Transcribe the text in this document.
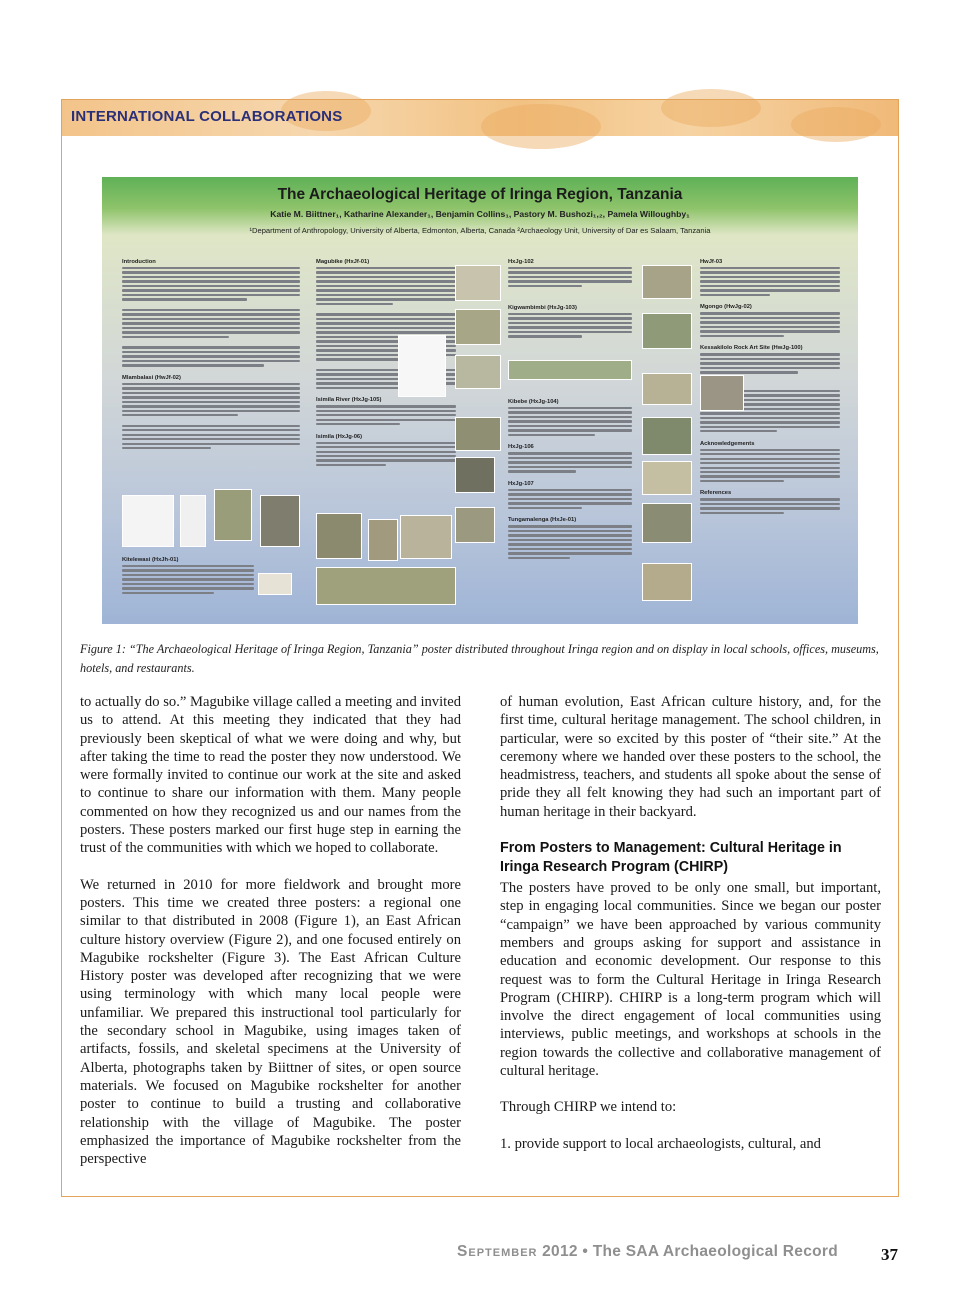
INTERNATIONAL COLLABORATIONS
The Archaeological Heritage of Iringa Region, Tanzania
Katie M. Biittner₁, Katharine Alexander₁, Benjamin Collins₁, Pastory M. Bushozi₁,₂, Pamela Willoughby₁
¹Department of Anthropology, University of Alberta, Edmonton, Alberta, Canada ²Archaeology Unit, University of Dar es Salaam, Tanzania
Introduction
Mlambalasi (HwJf-02)
Kitelewasi (HxJh-01)
Magubike (HxJf-01)
Isimila River (HxJg-105)
Isimila (HxJg-06)
HxJg-102
Kigwambimbi (HxJg-103)
Kibebe (HxJg-104)
HxJg-106
HxJg-107
Tungamalenga (HxJe-01)
HwJf-03
Mgongo (HwJg-02)
Kessakilolo Rock Art Site (HwJg-100)
Acknowledgements
References
Figure 1: “The Archaeological Heritage of Iringa Region, Tanzania” poster distributed throughout Iringa region and on display in local schools, offices, museums, hotels, and restaurants.

to actually do so.” Magubike village called a meeting and invited us to attend. At this meeting they indicated that they had previously been skeptical of what we were doing and why, but after taking the time to read the poster they now understood. We were formally invited to continue our work at the site and asked to continue to share our information with them. Many people commented on how they recognized us and our names from the posters. These posters marked our first huge step in earning the trust of the communities with which we hoped to collaborate.

We returned in 2010 for more fieldwork and brought more posters. This time we created three posters: a regional one similar to that distributed in 2008 (Figure 1), an East African culture history overview (Figure 2), and one focused entirely on Magubike rockshelter (Figure 3). The East African Culture History poster was developed after recognizing that we were using terminology with which many local people were unfamiliar. We prepared this instructional tool particularly for the secondary school in Magubike, using images taken of artifacts, fossils, and skeletal specimens at the University of Alberta, photographs taken by Biittner of sites, or open source materials. We focused on Magubike rockshelter for another poster to continue to build a trusting and collaborative relationship with the village of Magubike. The poster emphasized the importance of Magubike rockshelter from the perspective

of human evolution, East African culture history, and, for the first time, cultural heritage management. The school children, in particular, were so excited by this poster of “their site.” At the ceremony where we handed over these posters to the school, the headmistress, teachers, and students all spoke about the sense of pride they all felt knowing they had such an important part of human heritage in their backyard.

From Posters to Management: Cultural Heritage in Iringa Research Program (CHIRP)

The posters have proved to be only one small, but important, step in engaging local communities. Since we began our poster “campaign” we have been approached by various community members and groups asking for support and assistance in education and economic development. Our response to this request was to form the Cultural Heritage in Iringa Research Program (CHIRP). CHIRP is a long-term program which will involve the direct engagement of local communities using interviews, public meetings, and workshops at schools in the region towards the collective and collaborative management of cultural heritage.

Through CHIRP we intend to:

1. provide support to local archaeologists, cultural, and

September 2012 • The SAA Archaeological Record	37
